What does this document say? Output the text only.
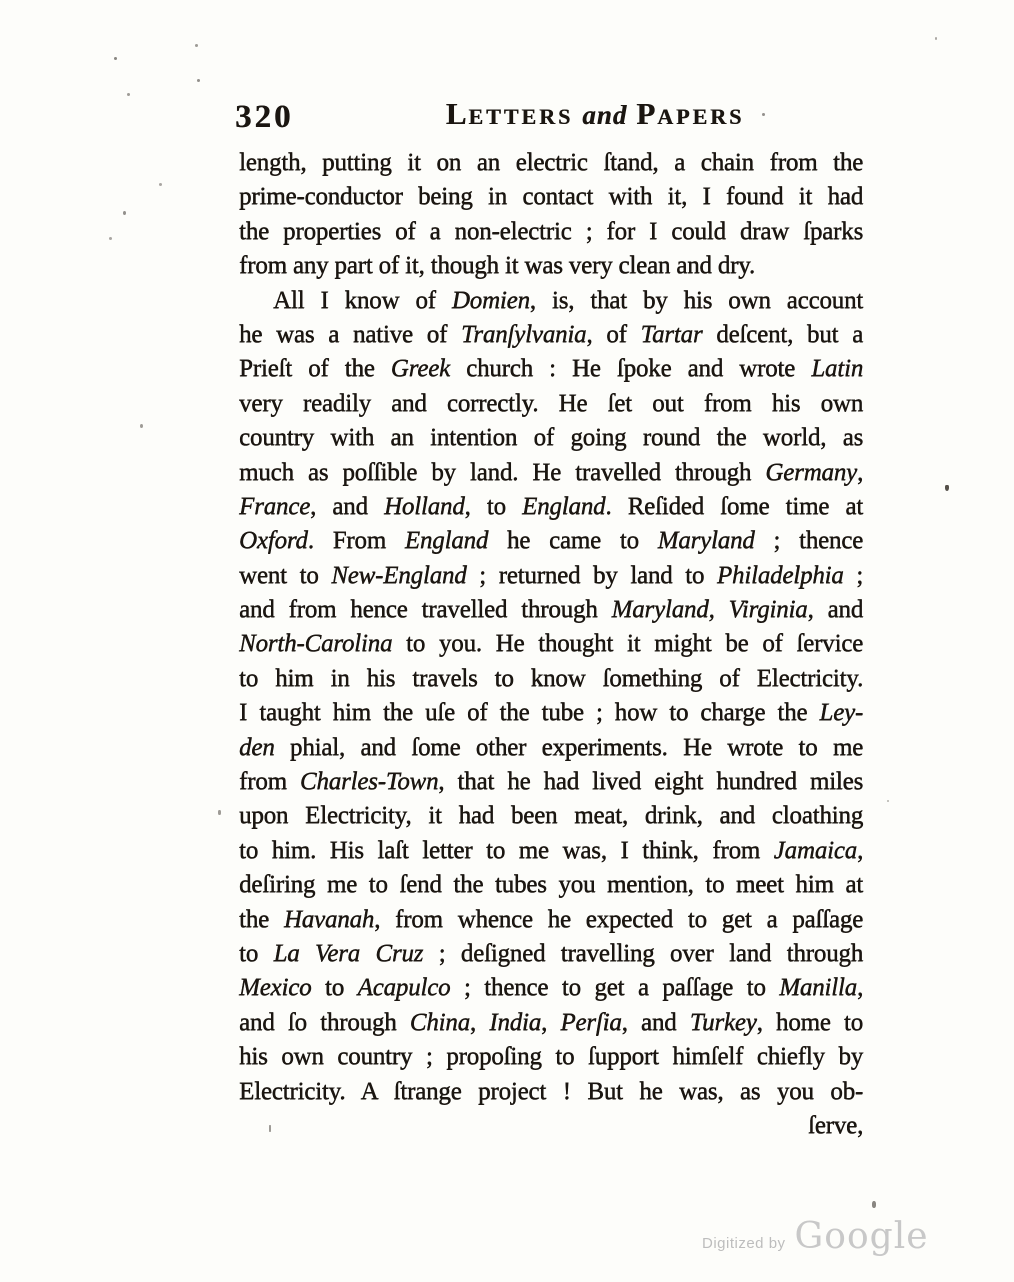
320	LETTERS and PAPERS
length, putting it on an electric ſtand, a chain from the
prime-conductor being in contact with it, I found it had
the properties of a non-electric ; for I could draw ſparks
from any part of it, though it was very clean and dry.
All I know of Domien, is, that by his own account
he was a native of Tranſylvania, of Tartar deſcent, but a
Prieſt of the Greek church : He ſpoke and wrote Latin
very readily and correctly. He ſet out from his own
country with an intention of going round the world, as
much as poſſible by land. He travelled through Germany,
France, and Holland, to England. Reſided ſome time at
Oxford. From England he came to Maryland ; thence
went to New-England ; returned by land to Philadelphia ;
and from hence travelled through Maryland, Virginia, and
North-Carolina to you. He thought it might be of ſervice
to him in his travels to know ſomething of Electricity.
I taught him the uſe of the tube ; how to charge the Ley-
den phial, and ſome other experiments. He wrote to me
from Charles-Town, that he had lived eight hundred miles
upon Electricity, it had been meat, drink, and cloathing
to him. His laſt letter to me was, I think, from Jamaica,
deſiring me to ſend the tubes you mention, to meet him at
the Havanah, from whence he expected to get a paſſage
to La Vera Cruz ; deſigned travelling over land through
Mexico to Acapulco ; thence to get a paſſage to Manilla,
and ſo through China, India, Perſia, and Turkey, home to
his own country ; propoſing to ſupport himſelf chiefly by
Electricity. A ſtrange project ! But he was, as you ob-
ſerve,
Digitized by Google
